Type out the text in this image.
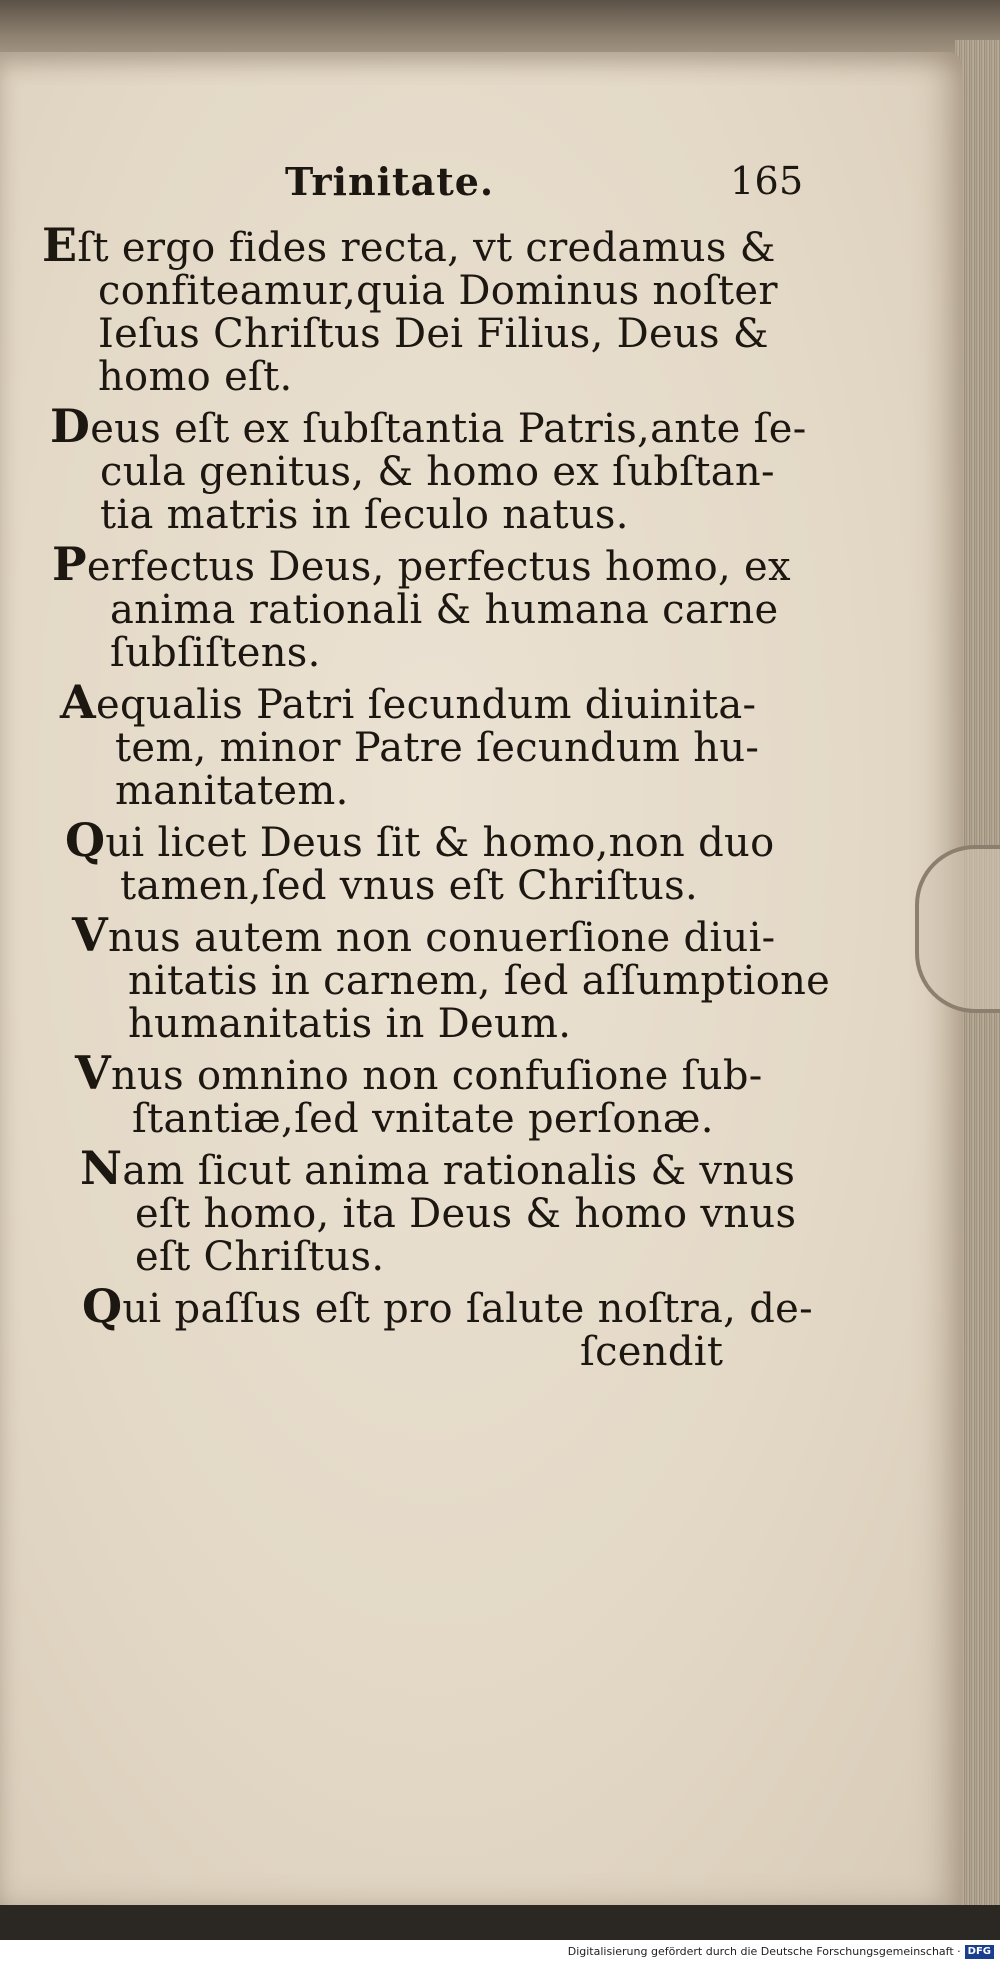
Trinitate.	165
Eſt ergo fides recta, vt credamus &
confiteamur,quia Dominus noſter
Ieſus Chriſtus Dei Filius, Deus &
homo eſt.
Deus eſt ex ſubſtantia Patris,ante ſe-
cula genitus, & homo ex ſubſtan-
tia matris in ſeculo natus.
Perfectus Deus, perfectus homo, ex
anima rationali & humana carne
ſubſiſtens.
Aequalis Patri ſecundum diuinita-
tem, minor Patre ſecundum hu-
manitatem.
Qui licet Deus ſit & homo,non duo
tamen,ſed vnus eſt Chriſtus.
Vnus autem non conuerſione diui-
nitatis in carnem, ſed aſſumptione
humanitatis in Deum.
Vnus omnino non confuſione ſub-
ſtantiæ,ſed vnitate perſonæ.
Nam ſicut anima rationalis & vnus
eſt homo, ita Deus & homo vnus
eſt Chriſtus.
Qui paſſus eſt pro ſalute noſtra, de-
ſcendit
Digitalisierung gefördert durch die Deutsche Forschungsgemeinschaft · DFG
